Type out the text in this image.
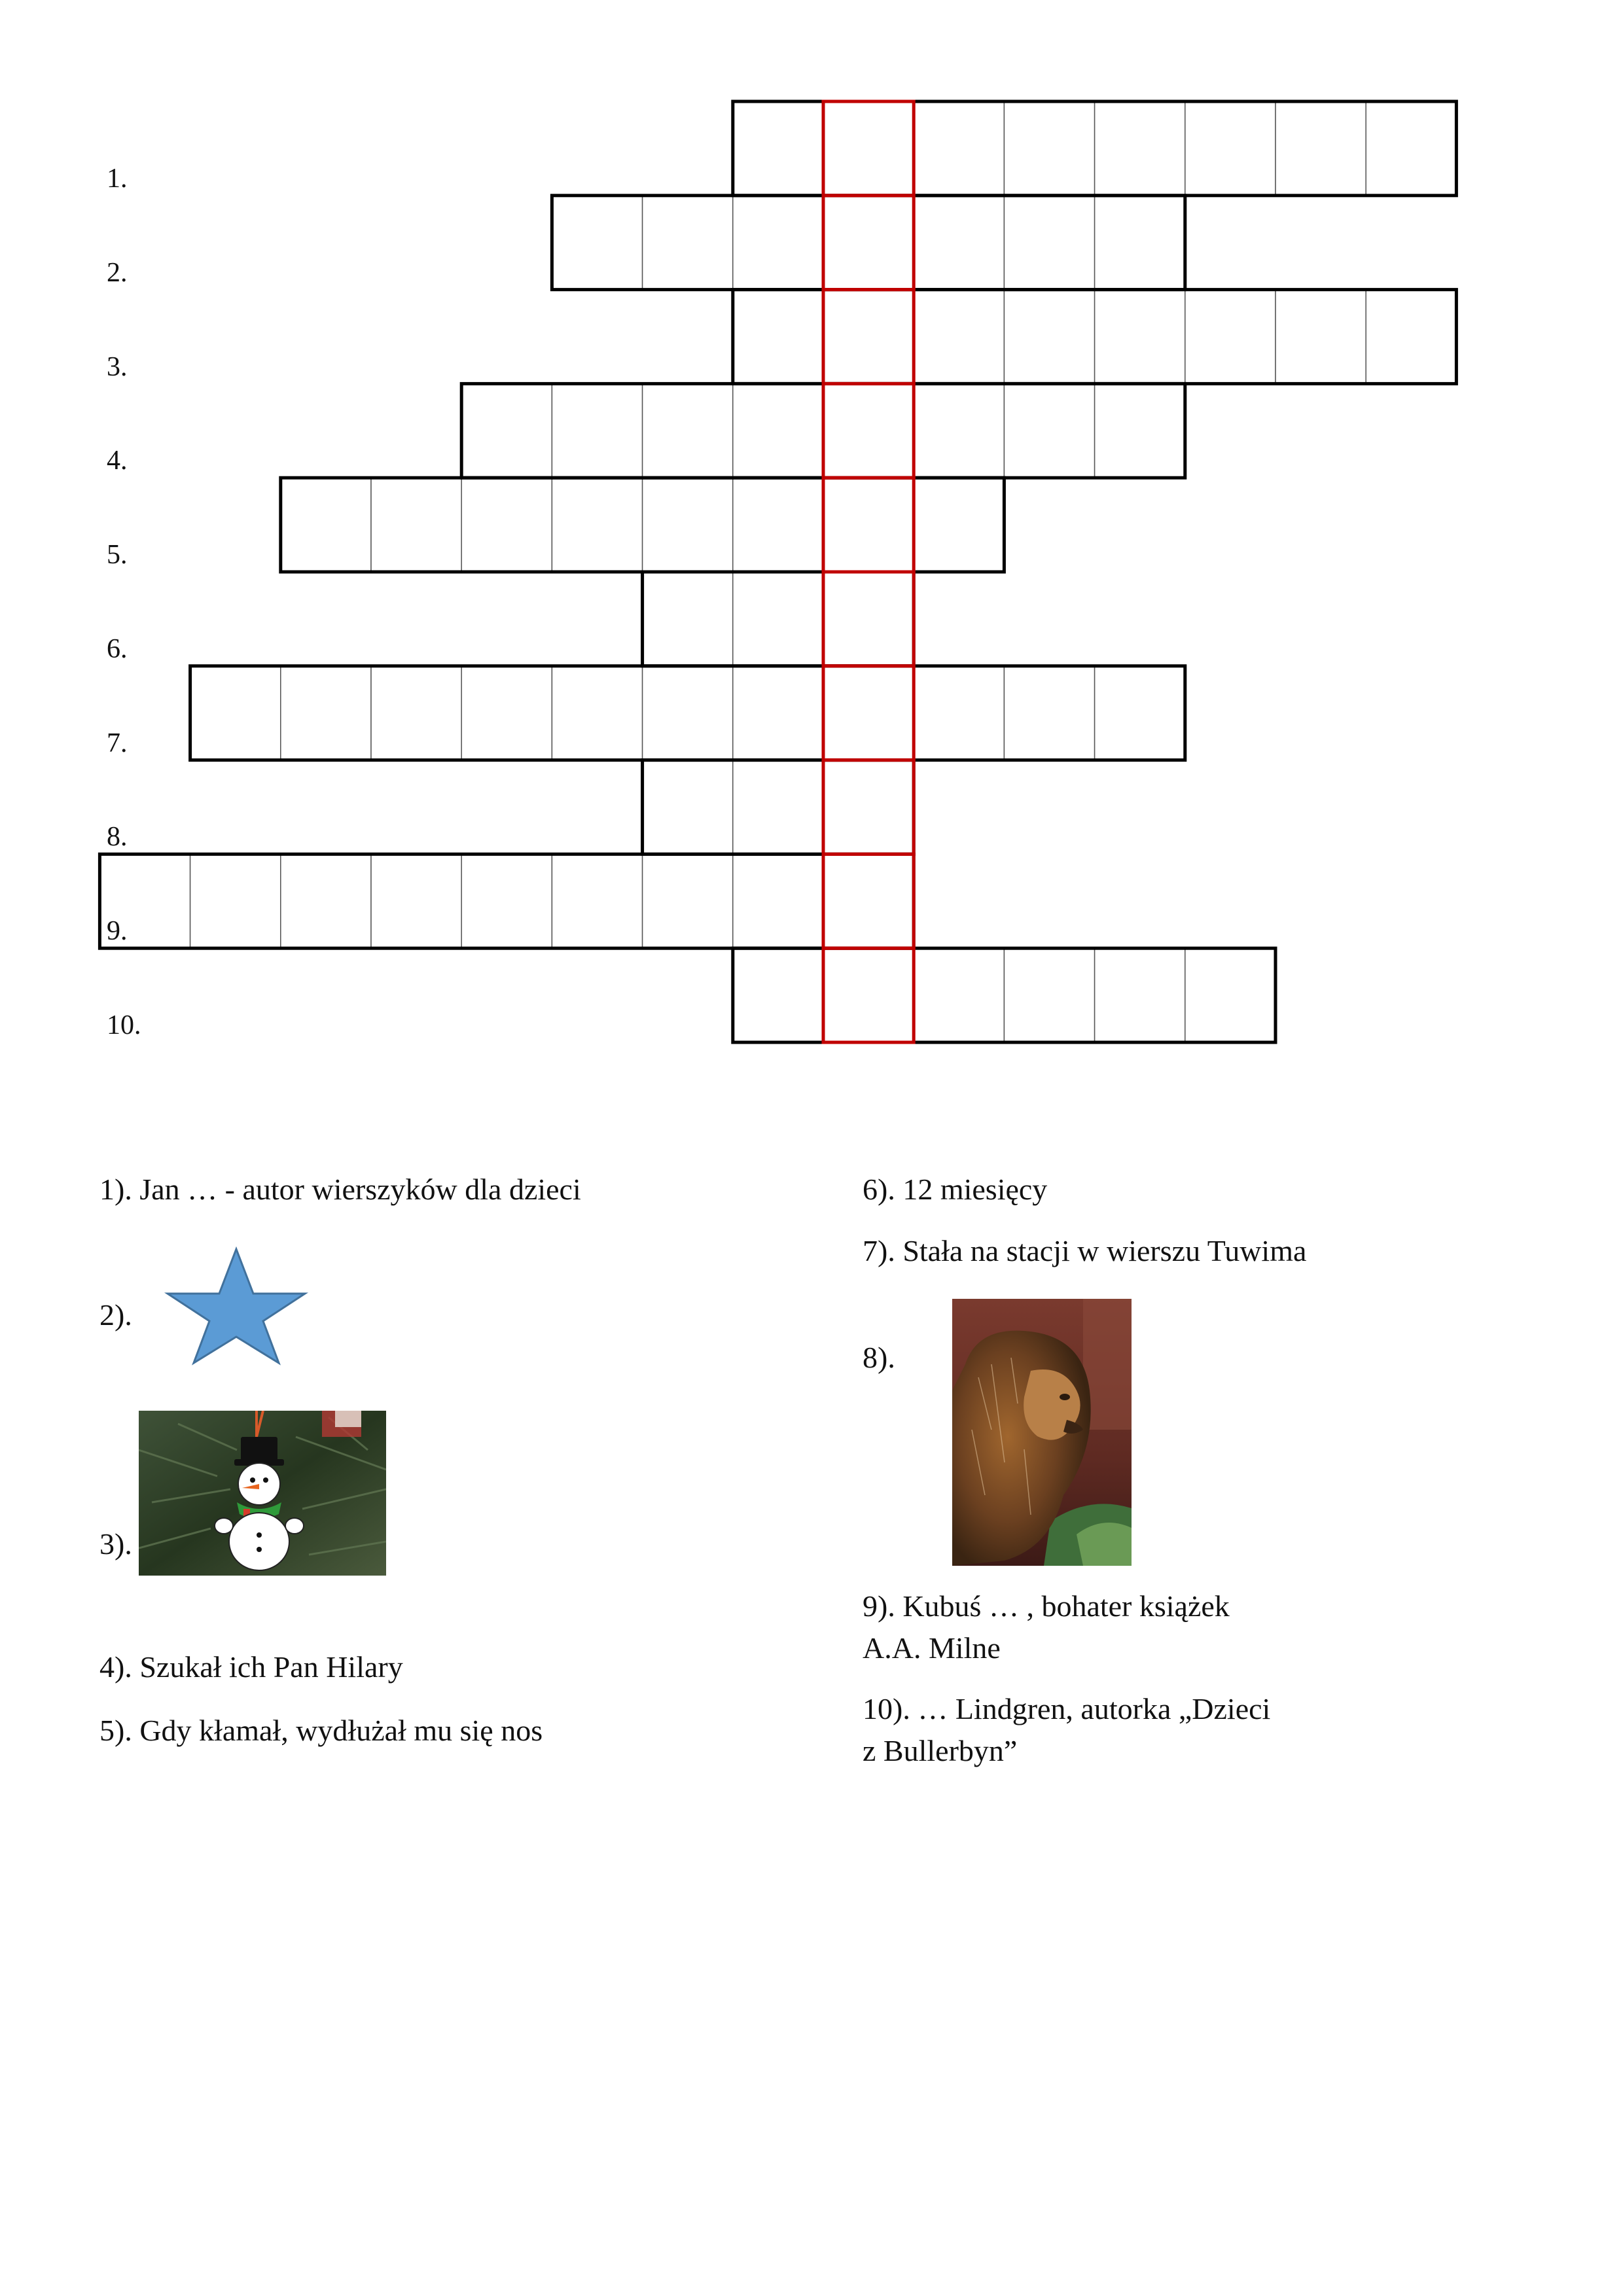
1.
2.
3.
4.
5.
6.
7.
8.
9.
10.
1). Jan … - autor wierszyków dla dzieci
2).
3).
4). Szukał ich Pan Hilary
5). Gdy kłamał, wydłużał mu się nos
6). 12 miesięcy
7). Stała na stacji w wierszu Tuwima
8).
9). Kubuś … , bohater książek
A.A. Milne
10). … Lindgren, autorka „Dzieci
z Bullerbyn”
